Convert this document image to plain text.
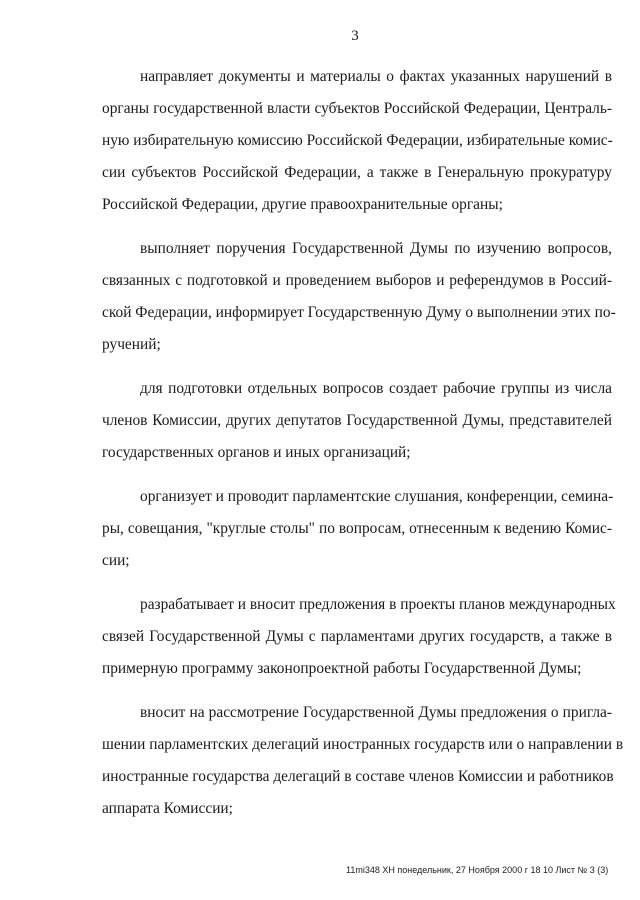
3

направляет документы и материалы о фактах указанных нарушений в
органы государственной власти субъектов Российской Федерации, Централь-
ную избирательную комиссию Российской Федерации, избирательные комис-
сии субъектов Российской Федерации, а также в Генеральную прокуратуру
Российской Федерации, другие правоохранительные органы;

выполняет поручения Государственной Думы по изучению вопросов,
связанных с подготовкой и проведением выборов и референдумов в Россий-
ской Федерации, информирует Государственную Думу о выполнении этих по-
ручений;

для подготовки отдельных вопросов создает рабочие группы из числа
членов Комиссии, других депутатов Государственной Думы, представителей
государственных органов и иных организаций;

организует и проводит парламентские слушания, конференции, семина-
ры, совещания, "круглые столы" по вопросам, отнесенным к ведению Комис-
сии;

разрабатывает и вносит предложения в проекты планов международных
связей Государственной Думы с парламентами других государств, а также в
примерную программу законопроектной работы Государственной Думы;

вносит на рассмотрение Государственной Думы предложения о пригла-
шении парламентских делегаций иностранных государств или о направлении в
иностранные государства делегаций в составе членов Комиссии и работников
аппарата Комиссии;

11mi348 XH понедельник, 27 Ноября 2000 г 18 10 Лист № 3 (3)
